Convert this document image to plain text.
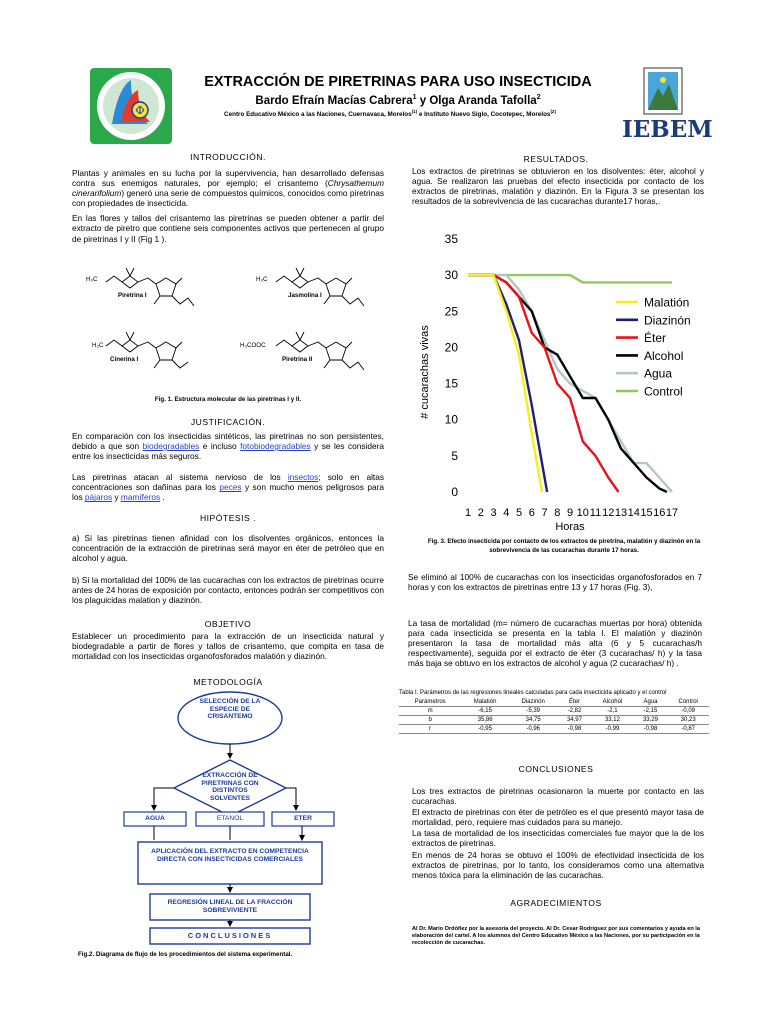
Φ
EXTRACCIÓN DE PIRETRINAS PARA USO INSECTICIDA
Bardo Efraín Macías Cabrera$^1$ y Olga Aranda Tafolla$^2$
Centro Educativo México a las Naciones, Cuernavaca, Morelos$^{(1)}$ e Instituto Nuevo Siglo, Cocotepec, Morelos$^{(2)}$
IEBEM
INTRODUCCIÓN.

Plantas y animales en su lucha por la supervivencia, han desarrollado defensas contra sus enemigos naturales, por ejemplo; el crisantemo (Chrysathemum cinerarifolium) generó una serie de compuestos químicos, conocidos como piretrinas con propiedades de insecticida.

En las flores y tallos del crisantemo las piretrinas se pueden obtener a partir del extracto de piretro que contiene seis componentes activos que pertenecen al grupo de piretrinas I y II (Fig 1 ).

H₃C	H₃C
H₃C	H₃COOC
Piretrina I	Jasmolina I
Cinerina I	Piretrina II
Fig. 1. Estructura molecular de las piretrinas I y II.
JUSTIFICACIÓN.

En comparación con los insecticidas sintéticos, las piretrinas no son persistentes, debido a que son biodegradables e incluso fotobiodegradables y se les considera entre los insecticidas más seguros.

Las piretrinas atacan al sistema nervioso de los insectos; solo en altas concentraciones son dañinas para los peces y son mucho menos peligrosos para los pájaros y mamíferos .

HIPÓTESIS .

a) Si las piretrinas tienen afinidad con los disolventes orgánicos, entonces la concentración de la extracción de piretrinas será mayor en éter de petróleo que en alcohol y agua.

b) Sí la mortalidad del 100% de las cucarachas con los extractos de piretrinas ocurre antes de 24 horas de exposición por contacto, entonces podrán ser competitivos con los plaguicidas malation y diazinón.

OBJETIVO
Establecer un procedimiento para la extracción de un insecticida natural y biodegradable a partir de flores y tallos de crisantemo, que compita en tasa de mortalidad con los insecticidas organofosforados malatión y diazinón.
METODOLOGÍA
SELECCIÓN DE LA ESPECIE DE CRISANTEMO
EXTRACCIÓN DE PIRETRINAS CON DISTINTOS SOLVENTES
AGUA	ETANOL	ETER
APLICACIÓN DEL EXTRACTO EN COMPETENCIA DIRECTA CON INSECTICIDAS COMERCIALES
REGRESIÓN LINEAL DE LA FRACCIÓN SOBREVIVIENTE
CONCLUSIONES
Fig.2. Diagrama de flujo de los procedimientos del sistema experimental.
RESULTADOS.
Los extractos de piretrinas se obtuvieron en los disolventes: éter, alcohol y agua. Se realizaron las pruebas del efecto insecticida por contacto de los extractos de piretrinas, malatión y diazinón. En la Figura 3 se presentan los resultados de la sobrevivencia de las cucarachas durante17 horas,.
0
5
10
15
20
25
30
35
1 2 3 4 5 6 7 8 9 10 11 12 13 14 15 16 17
Malatión
Diazinón
Éter
Alcohol
Agua
Control
# cucarachas vivas
Horas
Fig. 3. Efecto insecticida por contacto de los extractos de piretrina, malatión y diazinón en la sobrevivencia de las cucarachas durante 17 horas.
Se eliminó al 100% de cucarachas con los insecticidas organofosforados en 7 horas y con los extractos de piretrinas entre 13 y 17 horas (Fig. 3),
La tasa de mortalidad (m= número de cucarachas muertas por hora) obtenida para cada insecticida se presenta en la tabla I. El malatión y diazinón presentaron la tasa de mortalidad más alta (6 y 5 cucarachas/h respectivamente), seguida por el extracto de éter (3 cucarachas/ h) y la tasa más baja se obtuvo en los extractos de alcohol y agua (2 cucarachas/ h) .
Tabla I. Parámetros de las regresiones lineales calculadas para cada insecticida aplicado y el control
Parámetros	Malatión	Diazinón	Éter	Alcohol	Agua	Control
m	-6,15	-5,39	-2,82	-2,1	-2,15	-0,09
b	35,86	34,75	34,97	33,12	33,29	30,23
r	-0,95	-0,96	-0,98	-0,99	-0,98	-0,87
CONCLUSIONES

Los tres extractos de piretrinas ocasionaron la muerte por contacto en las cucarachas.

El extracto de piretrinas con éter de petróleo es el que presentó mayor tasa de mortalidad, pero, requiere mas cuidados para su manejo.

La tasa de mortalidad de los insecticidas comerciales fue mayor que la de los extractos de piretrinas.

En menos de 24 horas se obtuvo el 100% de efectividad insecticida de los extractos de piretrinas, por lo tanto, los consideramos como una alternativa menos tóxica para la eliminación de las cucarachas.

AGRADECIMIENTOS
Al Dr. Mario Ordóñez por la asesoría del proyecto. Al Dr. Cesar Rodríguez por sus comentarios y ayuda en la elaboración del cartel. A los alumnos del Centro Educativo México a las Naciones, por su participación en la recolección de cucarachas.
